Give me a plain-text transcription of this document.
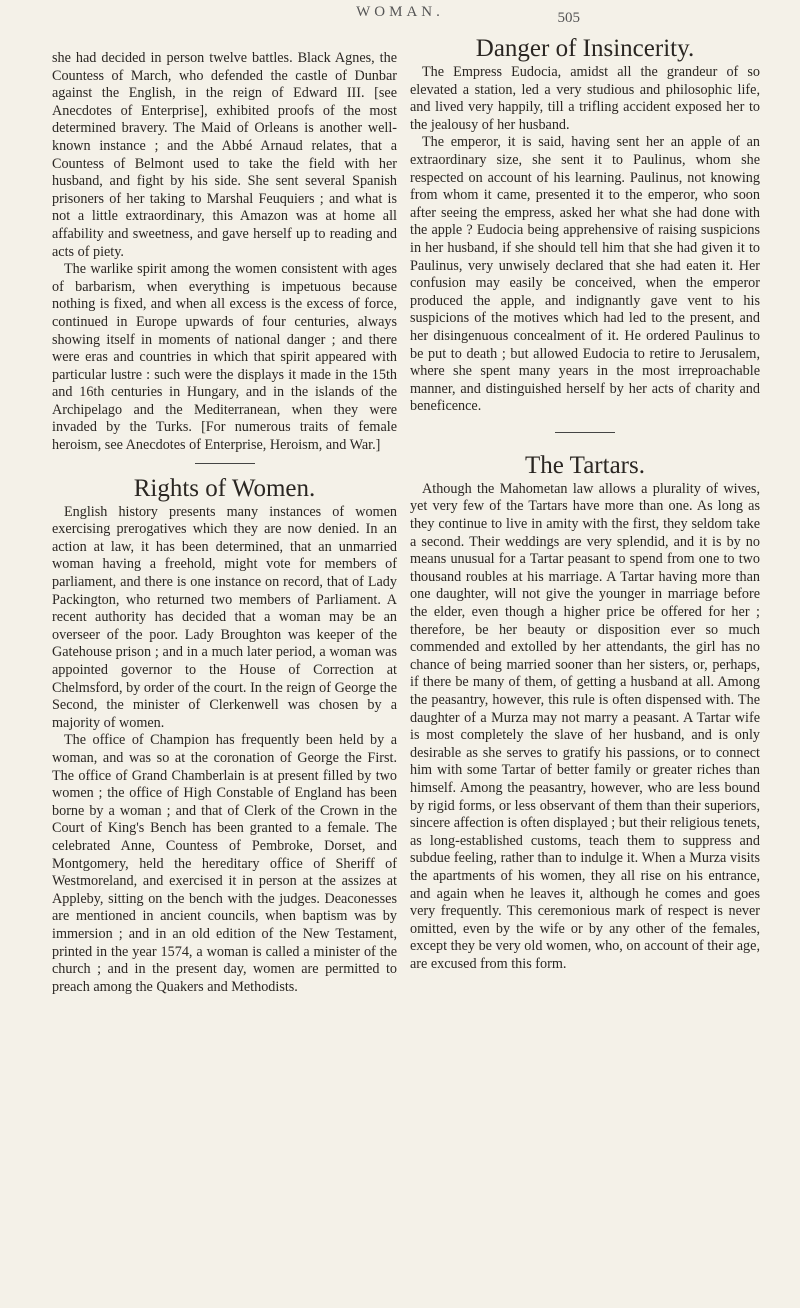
WOMAN.	505

she had decided in person twelve battles. Black Agnes, the Countess of March, who defended the castle of Dunbar against the English, in the reign of Edward III. [see Anecdotes of Enterprise], exhibited proofs of the most determined bravery. The Maid of Orleans is another well-known instance ; and the Abbé Arnaud relates, that a Countess of Belmont used to take the field with her husband, and fight by his side. She sent several Spanish prisoners of her taking to Marshal Feuquiers ; and what is not a little extraordinary, this Amazon was at home all affability and sweetness, and gave herself up to reading and acts of piety.

The warlike spirit among the women consistent with ages of barbarism, when everything is impetuous because nothing is fixed, and when all excess is the excess of force, continued in Europe upwards of four centuries, always showing itself in moments of national danger ; and there were eras and countries in which that spirit appeared with particular lustre : such were the displays it made in the 15th and 16th centuries in Hungary, and in the islands of the Archipelago and the Mediterranean, when they were invaded by the Turks. [For numerous traits of female heroism, see Anecdotes of Enterprise, Heroism, and War.]

Rights of Women.

English history presents many instances of women exercising prerogatives which they are now denied. In an action at law, it has been determined, that an unmarried woman having a freehold, might vote for members of parliament, and there is one instance on record, that of Lady Packington, who returned two members of Parliament. A recent authority has decided that a woman may be an overseer of the poor. Lady Broughton was keeper of the Gatehouse prison ; and in a much later period, a woman was appointed governor to the House of Correction at Chelmsford, by order of the court. In the reign of George the Second, the minister of Clerkenwell was chosen by a majority of women.

The office of Champion has frequently been held by a woman, and was so at the coronation of George the First. The office of Grand Chamberlain is at present filled by two women ; the office of High Constable of England has been borne by a woman ; and that of Clerk of the Crown in the Court of King's Bench has been granted to a female. The celebrated Anne, Countess of Pembroke, Dorset, and Montgomery, held the hereditary office of Sheriff of Westmoreland, and exercised it in person at the assizes at Appleby, sitting on the bench with the judges. Deaconesses are mentioned in ancient councils, when baptism was by immersion ; and in an old edition of the New Testament, printed in the year 1574, a woman is called a minister of the church ; and in the present day, women are permitted to preach among the Quakers and Methodists.

Danger of Insincerity.

The Empress Eudocia, amidst all the grandeur of so elevated a station, led a very studious and philosophic life, and lived very happily, till a trifling accident exposed her to the jealousy of her husband.

The emperor, it is said, having sent her an apple of an extraordinary size, she sent it to Paulinus, whom she respected on account of his learning. Paulinus, not knowing from whom it came, presented it to the emperor, who soon after seeing the empress, asked her what she had done with the apple ? Eudocia being apprehensive of raising suspicions in her husband, if she should tell him that she had given it to Paulinus, very unwisely declared that she had eaten it. Her confusion may easily be conceived, when the emperor produced the apple, and indignantly gave vent to his suspicions of the motives which had led to the present, and her disingenuous concealment of it. He ordered Paulinus to be put to death ; but allowed Eudocia to retire to Jerusalem, where she spent many years in the most irreproachable manner, and distinguished herself by her acts of charity and beneficence.

The Tartars.

Athough the Mahometan law allows a plurality of wives, yet very few of the Tartars have more than one. As long as they continue to live in amity with the first, they seldom take a second. Their weddings are very splendid, and it is by no means unusual for a Tartar peasant to spend from one to two thousand roubles at his marriage. A Tartar having more than one daughter, will not give the younger in marriage before the elder, even though a higher price be offered for her ; therefore, be her beauty or disposition ever so much commended and extolled by her attendants, the girl has no chance of being married sooner than her sisters, or, perhaps, if there be many of them, of getting a husband at all. Among the peasantry, however, this rule is often dispensed with. The daughter of a Murza may not marry a peasant. A Tartar wife is most completely the slave of her husband, and is only desirable as she serves to gratify his passions, or to connect him with some Tartar of better family or greater riches than himself. Among the peasantry, however, who are less bound by rigid forms, or less observant of them than their superiors, sincere affection is often displayed ; but their religious tenets, as long-established customs, teach them to suppress and subdue feeling, rather than to indulge it. When a Murza visits the apartments of his women, they all rise on his entrance, and again when he leaves it, although he comes and goes very frequently. This ceremonious mark of respect is never omitted, even by the wife or by any other of the females, except they be very old women, who, on account of their age, are excused from this form.
